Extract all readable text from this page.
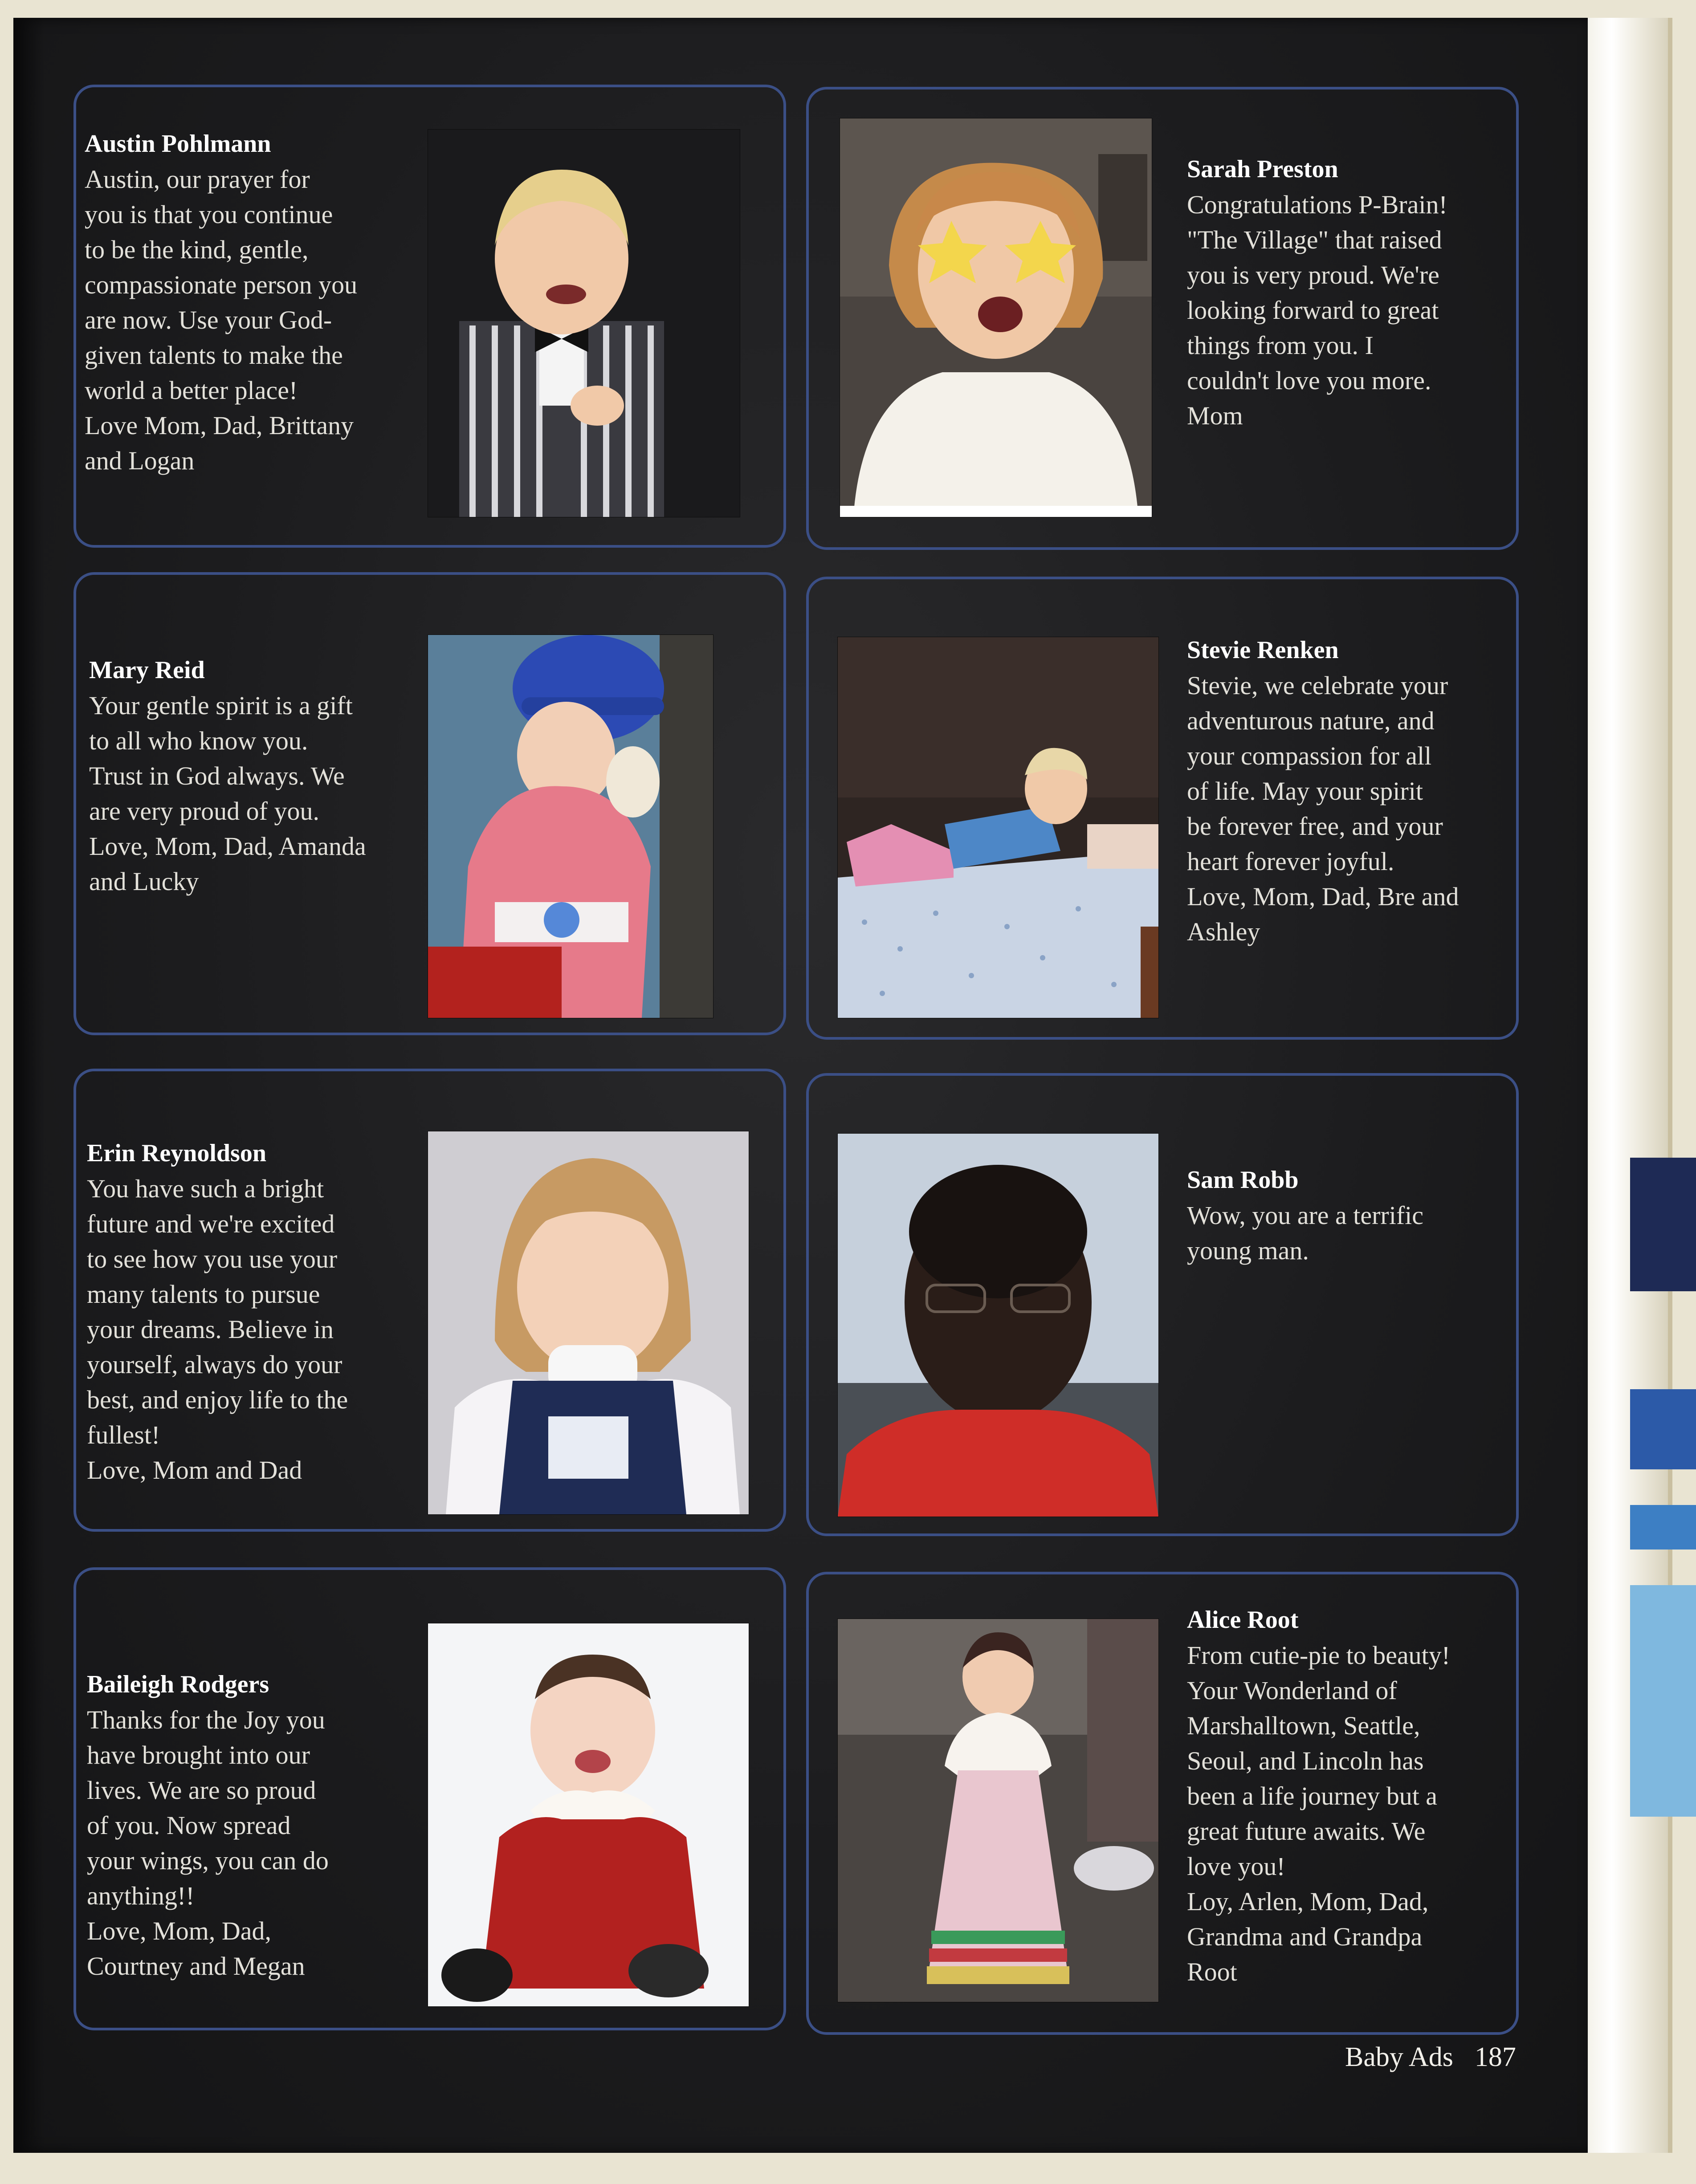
Austin Pohlmann
Austin, our prayer for
you is that you continue
to be the kind, gentle,
compassionate person you
are now. Use your God-
given talents to make the
world a better place!
Love Mom, Dad, Brittany
and Logan

Sarah Preston
Congratulations P-Brain!
"The Village" that raised
you is very proud. We're
looking forward to great
things from you. I
couldn't love you more.
Mom

Mary Reid
Your gentle spirit is a gift
to all who know you.
Trust in God always. We
are very proud of you.
Love, Mom, Dad, Amanda
and Lucky

Stevie Renken
Stevie, we celebrate your
adventurous nature, and
your compassion for all
of life. May your spirit
be forever free, and your
heart forever joyful.
Love, Mom, Dad, Bre and
Ashley

Erin Reynoldson
You have such a bright
future and we're excited
to see how you use your
many talents to pursue
your dreams. Believe in
yourself, always do your
best, and enjoy life to the
fullest!
Love, Mom and Dad

Sam Robb
Wow, you are a terrific
young man.

Baileigh Rodgers
Thanks for the Joy you
have brought into our
lives. We are so proud
of you. Now spread
your wings, you can do
anything!!
Love, Mom, Dad,
Courtney and Megan

Alice Root
From cutie-pie to beauty!
Your Wonderland of
Marshalltown, Seattle,
Seoul, and Lincoln has
been a life journey but a
great future awaits. We
love you!
Loy, Arlen, Mom, Dad,
Grandma and Grandpa
Root

Baby Ads 187
